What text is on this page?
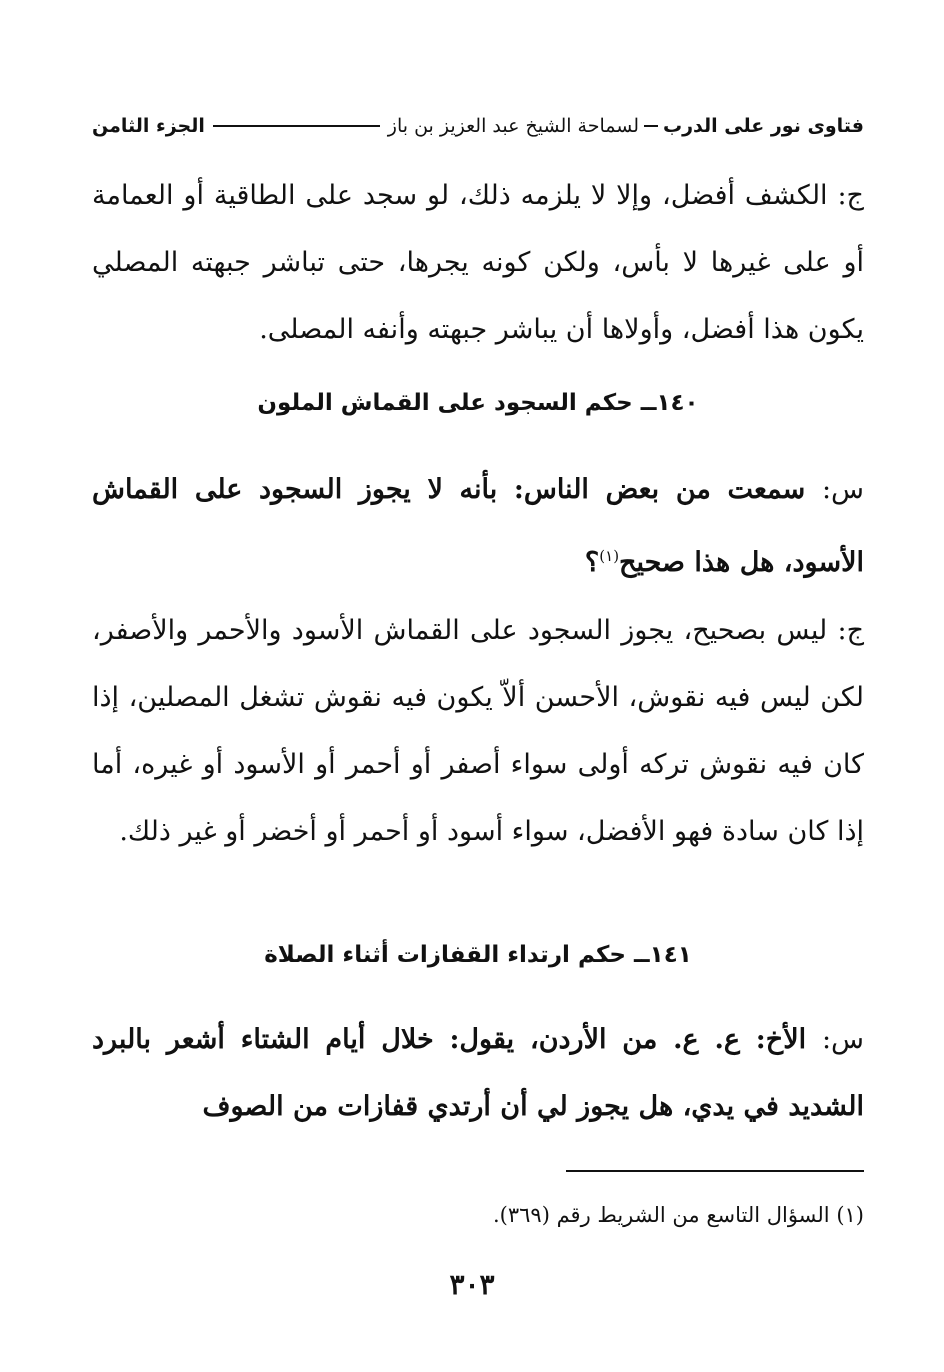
فتاوى نور على الدرب
لسماحة الشيخ عبد العزيز بن باز
الجزء الثامن

ج: الكشف أفضل، وإلا لا يلزمه ذلك، لو سجد على الطاقية أو العمامة أو على غيرها لا بأس، ولكن كونه يجرها، حتى تباشر جبهته المصلي يكون هذا أفضل، وأولاها أن يباشر جبهته وأنفه المصلى.

١٤٠ــ حكم السجود على القماش الملون

س: سمعت من بعض الناس: بأنه لا يجوز السجود على القماش الأسود، هل هذا صحيح$^{(١)}$؟

ج: ليس بصحيح، يجوز السجود على القماش الأسود والأحمر والأصفر، لكن ليس فيه نقوش، الأحسن ألاّ يكون فيه نقوش تشغل المصلين، إذا كان فيه نقوش تركه أولى سواء أصفر أو أحمر أو الأسود أو غيره، أما إذا كان سادة فهو الأفضل، سواء أسود أو أحمر أو أخضر أو غير ذلك.

١٤١ــ حكم ارتداء القفازات أثناء الصلاة

س: الأخ: ع. ع. من الأردن، يقول: خلال أيام الشتاء أشعر بالبرد الشديد في يدي، هل يجوز لي أن أرتدي قفازات من الصوف

(١) السؤال التاسع من الشريط رقم (٣٦٩).

٣٠٣
